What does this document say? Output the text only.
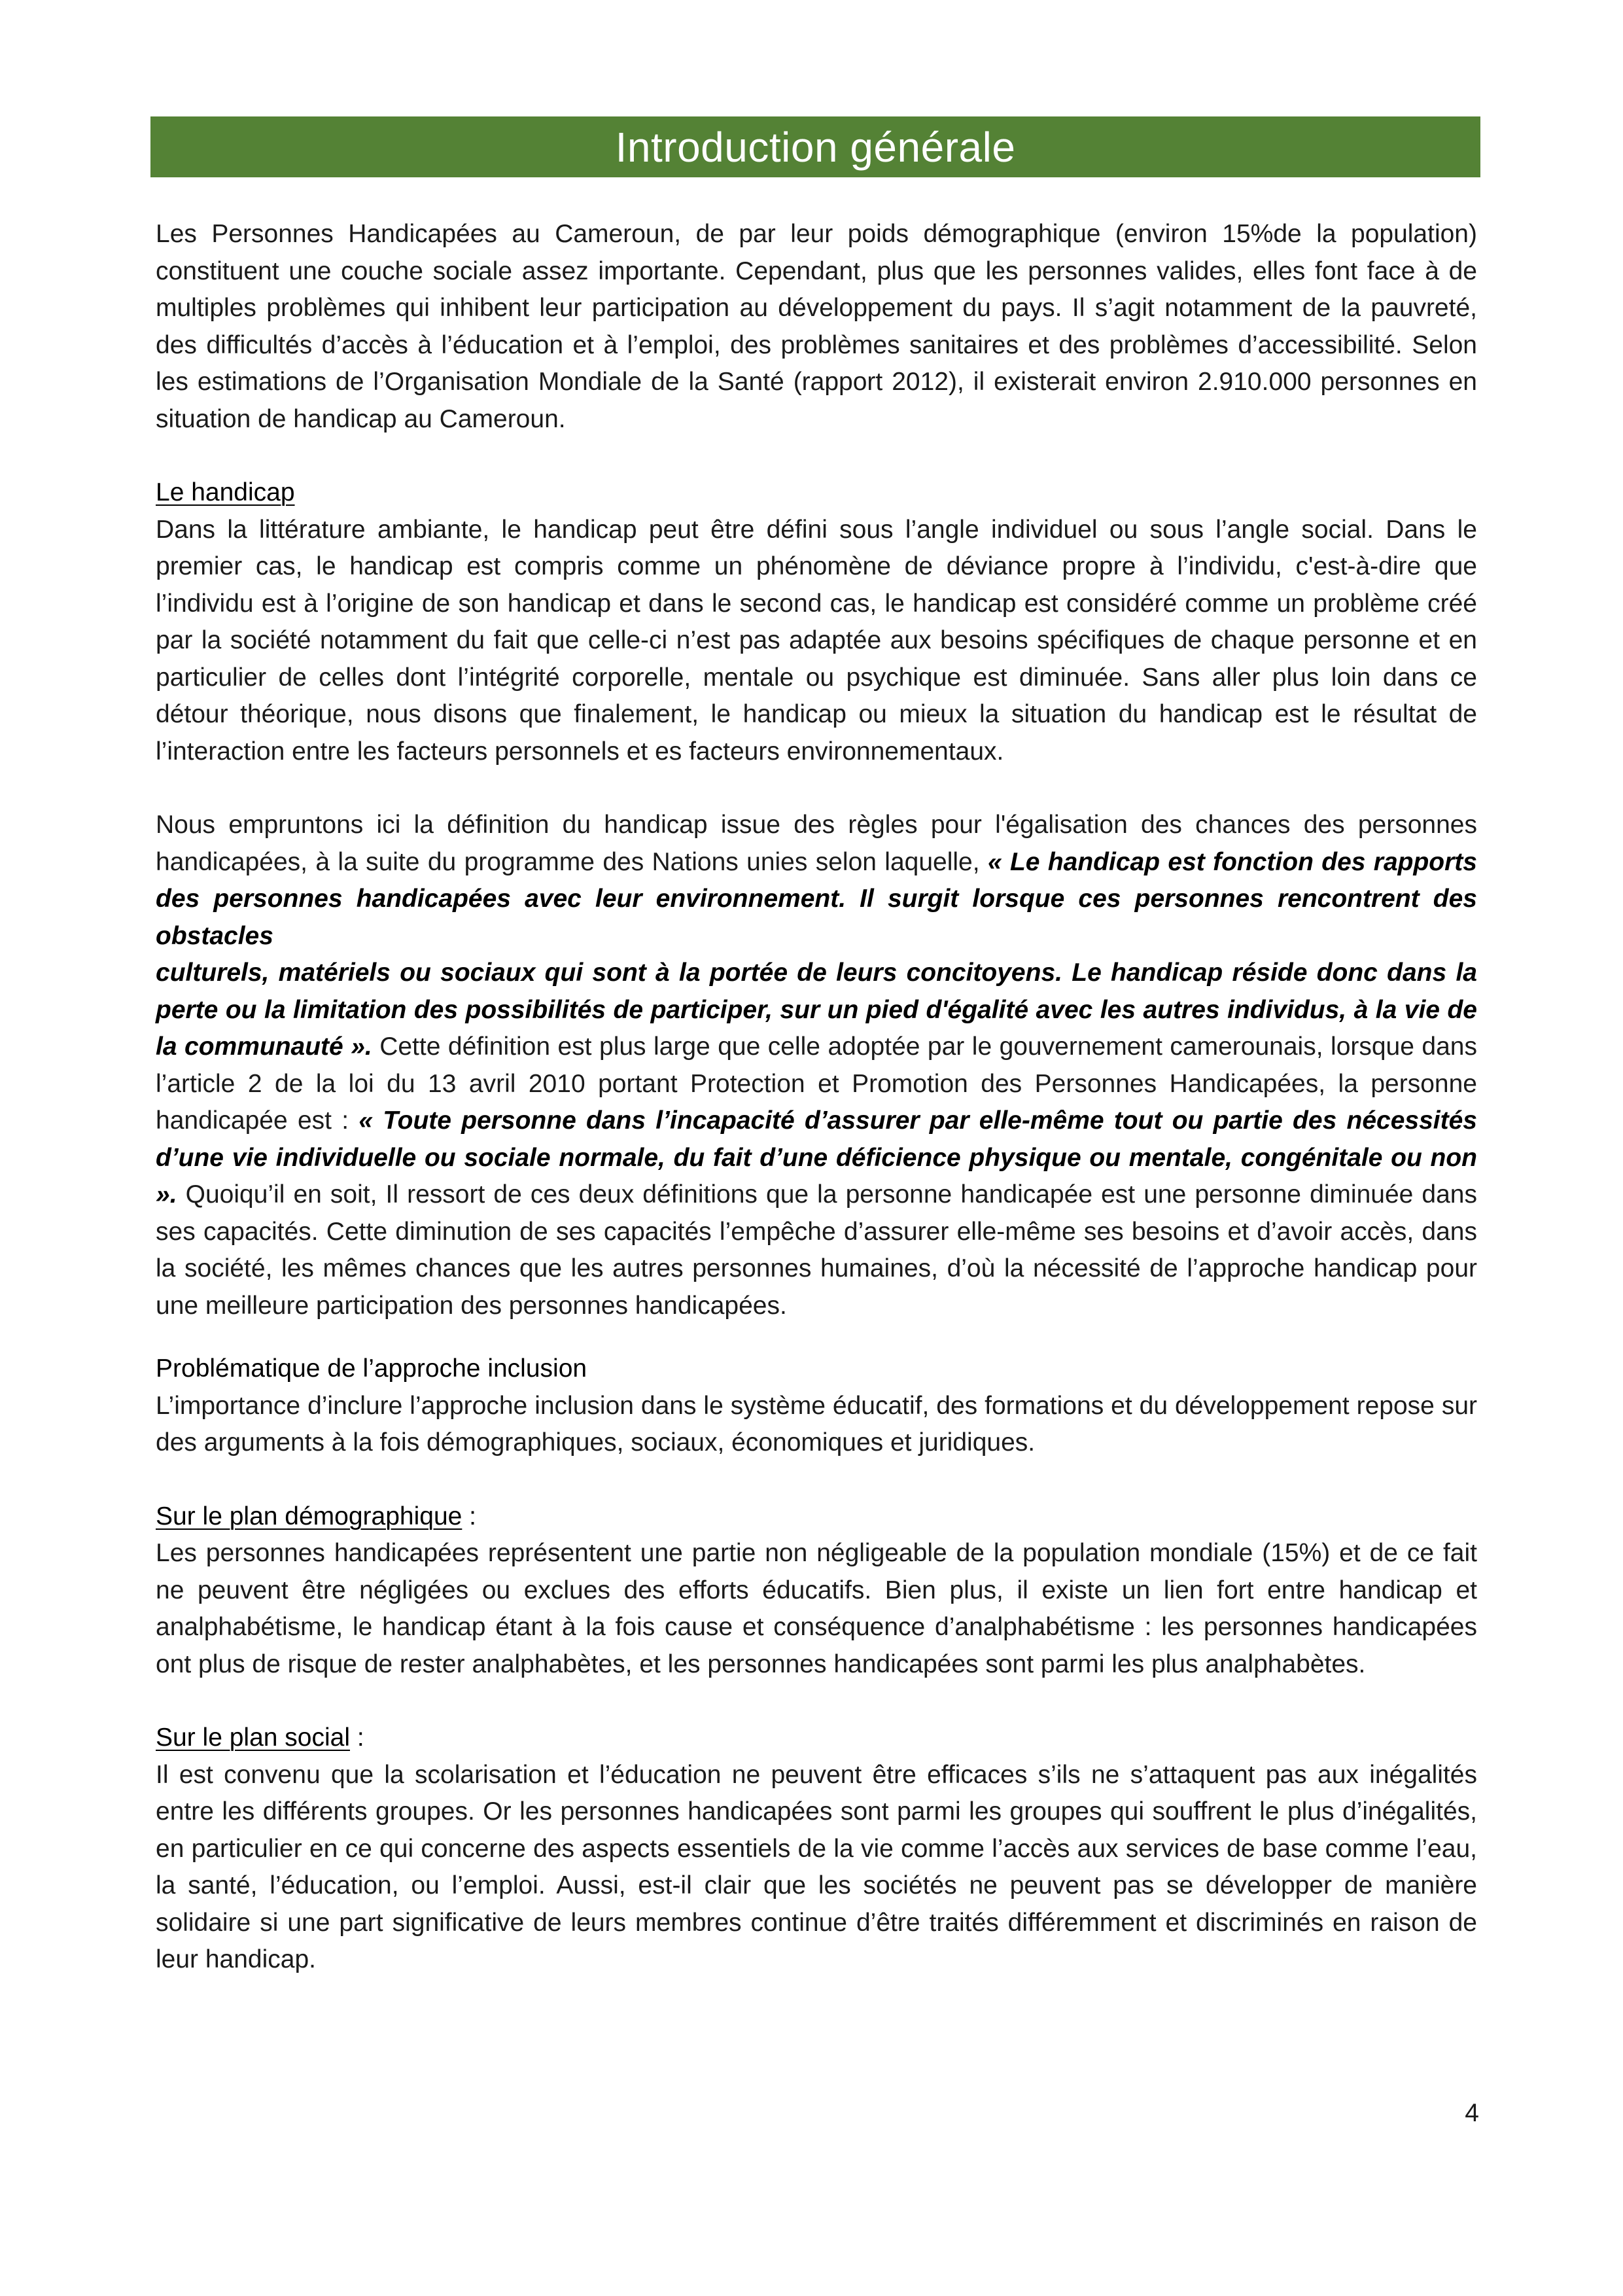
Introduction générale

Les Personnes Handicapées au Cameroun, de par leur poids démographique (environ 15%de la population) constituent une couche sociale assez importante. Cependant, plus que les personnes valides, elles font face à de multiples problèmes qui inhibent leur participation au développement du pays. Il s’agit notamment de la pauvreté, des difficultés d’accès à l’éducation et à l’emploi, des problèmes sanitaires et des problèmes d’accessibilité. Selon les estimations de l’Organisation Mondiale de la Santé (rapport 2012), il existerait environ 2.910.000 personnes en situation de handicap au Cameroun.

Le handicap

Dans la littérature ambiante, le handicap peut être défini sous l’angle individuel ou sous l’angle social. Dans le premier cas, le handicap est compris comme un phénomène de déviance propre à l’individu, c'est-à-dire que l’individu est à l’origine de son handicap et dans le second cas, le handicap est considéré comme un problème créé par la société notamment du fait que celle-ci n’est pas adaptée aux besoins spécifiques de chaque personne et en particulier de celles dont l’intégrité corporelle, mentale ou psychique est diminuée. Sans aller plus loin dans ce détour théorique, nous disons que finalement, le handicap ou mieux la situation du handicap est le résultat de l’interaction entre les facteurs personnels et es facteurs environnementaux.

Nous empruntons ici la définition du handicap issue des règles pour l'égalisation des chances des personnes handicapées, à la suite du programme des Nations unies selon laquelle, « Le handicap est fonction des rapports des personnes handicapées avec leur environnement. Il surgit lorsque ces personnes rencontrent des obstacles

culturels, matériels ou sociaux qui sont à la portée de leurs concitoyens. Le handicap réside donc dans la perte ou la limitation des possibilités de participer, sur un pied d'égalité avec les autres individus, à la vie de la communauté ». Cette définition est plus large que celle adoptée par le gouvernement camerounais, lorsque dans l’article 2 de la loi du 13 avril 2010 portant Protection et Promotion des Personnes Handicapées, la personne handicapée est : « Toute personne dans l’incapacité d’assurer par elle-même tout ou partie des nécessités d’une vie individuelle ou sociale normale, du fait d’une déficience physique ou mentale, congénitale ou non ». Quoiqu’il en soit, Il ressort de ces deux définitions que la personne handicapée est une personne diminuée dans ses capacités. Cette diminution de ses capacités l’empêche d’assurer elle-même ses besoins et d’avoir accès, dans la société, les mêmes chances que les autres personnes humaines, d’où la nécessité de l’approche handicap pour une meilleure participation des personnes handicapées.

Problématique de l’approche inclusion

L’importance d’inclure l’approche inclusion dans le système éducatif, des formations et du développement repose sur des arguments à la fois démographiques, sociaux, économiques et juridiques.

Sur le plan démographique :

Les personnes handicapées représentent une partie non négligeable de la population mondiale (15%) et de ce fait ne peuvent être négligées ou exclues des efforts éducatifs. Bien plus, il existe un lien fort entre handicap et analphabétisme, le handicap étant à la fois cause et conséquence d’analphabétisme : les personnes handicapées ont plus de risque de rester analphabètes, et les personnes handicapées sont parmi les plus analphabètes.

Sur le plan social :

Il est convenu que la scolarisation et l’éducation ne peuvent être efficaces s’ils ne s’attaquent pas aux inégalités entre les différents groupes. Or les personnes handicapées sont parmi les groupes qui souffrent le plus d’inégalités, en particulier en ce qui concerne des aspects essentiels de la vie comme l’accès aux services de base comme l’eau, la santé, l’éducation, ou l’emploi. Aussi, est-il clair que les sociétés ne peuvent pas se développer de manière solidaire si une part significative de leurs membres continue d’être traités différemment et discriminés en raison de leur handicap.

4
